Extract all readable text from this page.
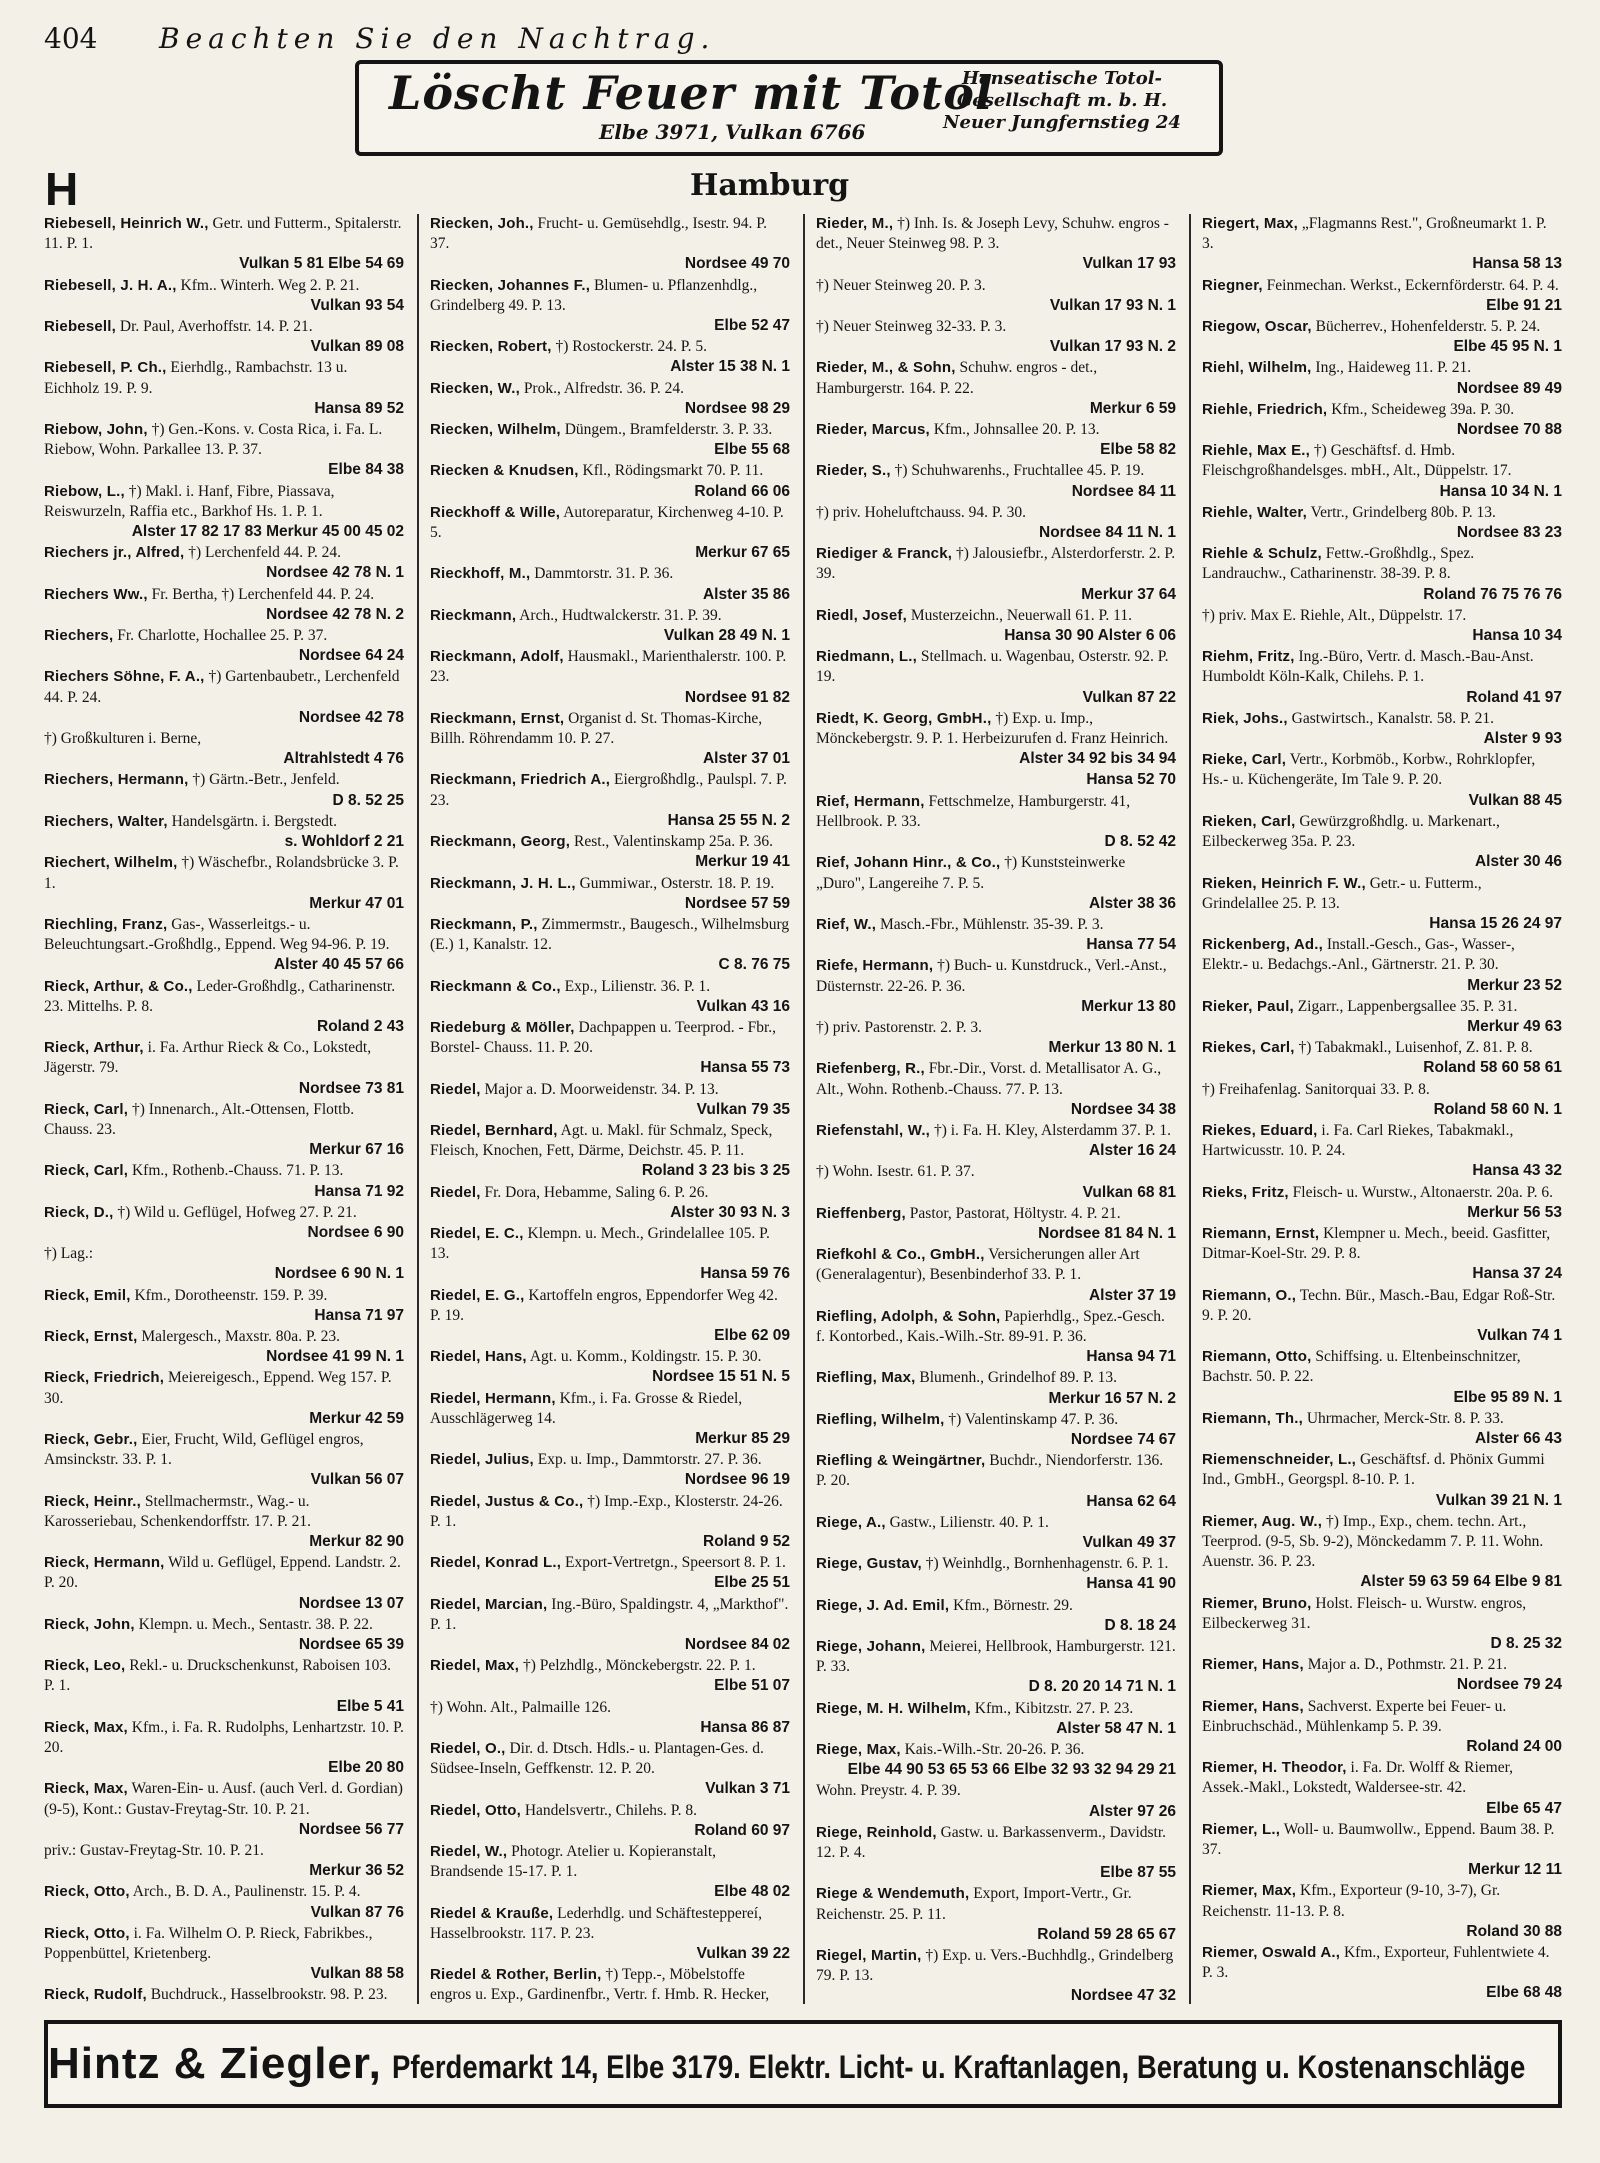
404 Beachten Sie den Nachtrag.
Löscht Feuer mit Totol
Elbe 3971, Vulkan 6766
Hanseatische Totol-
Gesellschaft m. b. H.
Neuer Jungfernstieg 24
H	Hamburg
Riebesell, Heinrich W., Getr. und Futterm., Spitalerstr. 11. P. 1.
Vulkan 5 81 Elbe 54 69
Riebesell, J. H. A., Kfm.. Winterh. Weg 2. P. 21.
Vulkan 93 54
Riebesell, Dr. Paul, Averhoffstr. 14. P. 21.
Vulkan 89 08
Riebesell, P. Ch., Eierhdlg., Rambachstr. 13 u. Eichholz 19. P. 9.
Hansa 89 52
Riebow, John, †) Gen.-Kons. v. Costa Rica, i. Fa. L. Riebow, Wohn. Parkallee 13. P. 37.
Elbe 84 38
Riebow, L., †) Makl. i. Hanf, Fibre, Piassava, Reiswurzeln, Raffia etc., Barkhof Hs. 1. P. 1.
Alster 17 82 17 83 Merkur 45 00 45 02
Riechers jr., Alfred, †) Lerchenfeld 44. P. 24.
Nordsee 42 78 N. 1
Riechers Ww., Fr. Bertha, †) Lerchenfeld 44. P. 24.
Nordsee 42 78 N. 2
Riechers, Fr. Charlotte, Hochallee 25. P. 37.
Nordsee 64 24
Riechers Söhne, F. A., †) Gartenbaubetr., Lerchenfeld 44. P. 24.
Nordsee 42 78
†) Großkulturen i. Berne,
Altrahlstedt 4 76
Riechers, Hermann, †) Gärtn.-Betr., Jenfeld.
D 8. 52 25
Riechers, Walter, Handelsgärtn. i. Bergstedt.
s. Wohldorf 2 21
Riechert, Wilhelm, †) Wäschefbr., Rolandsbrücke 3. P. 1.
Merkur 47 01
Riechling, Franz, Gas-, Wasserleitgs.- u. Beleuchtungsart.-Großhdlg., Eppend. Weg 94-96. P. 19.
Alster 40 45 57 66
Rieck, Arthur, & Co., Leder-Großhdlg., Catharinenstr. 23. Mittelhs. P. 8.
Roland 2 43
Rieck, Arthur, i. Fa. Arthur Rieck & Co., Lokstedt, Jägerstr. 79.
Nordsee 73 81
Rieck, Carl, †) Innenarch., Alt.-Ottensen, Flottb. Chauss. 23.
Merkur 67 16
Rieck, Carl, Kfm., Rothenb.-Chauss. 71. P. 13.
Hansa 71 92
Rieck, D., †) Wild u. Geflügel, Hofweg 27. P. 21.
Nordsee 6 90
†) Lag.:
Nordsee 6 90 N. 1
Rieck, Emil, Kfm., Dorotheenstr. 159. P. 39.
Hansa 71 97
Rieck, Ernst, Malergesch., Maxstr. 80a. P. 23.
Nordsee 41 99 N. 1
Rieck, Friedrich, Meiereigesch., Eppend. Weg 157. P. 30.
Merkur 42 59
Rieck, Gebr., Eier, Frucht, Wild, Geflügel engros, Amsinckstr. 33. P. 1.
Vulkan 56 07
Rieck, Heinr., Stellmachermstr., Wag.- u. Karosseriebau, Schenkendorffstr. 17. P. 21.
Merkur 82 90
Rieck, Hermann, Wild u. Geflügel, Eppend. Landstr. 2. P. 20.
Nordsee 13 07
Rieck, John, Klempn. u. Mech., Sentastr. 38. P. 22.
Nordsee 65 39
Rieck, Leo, Rekl.- u. Druckschenkunst, Raboisen 103. P. 1.
Elbe 5 41
Rieck, Max, Kfm., i. Fa. R. Rudolphs, Lenhartzstr. 10. P. 20.
Elbe 20 80
Rieck, Max, Waren-Ein- u. Ausf. (auch Verl. d. Gordian) (9-5), Kont.: Gustav-Freytag-Str. 10. P. 21.
Nordsee 56 77
priv.: Gustav-Freytag-Str. 10. P. 21.
Merkur 36 52
Rieck, Otto, Arch., B. D. A., Paulinenstr. 15. P. 4.
Vulkan 87 76
Rieck, Otto, i. Fa. Wilhelm O. P. Rieck, Fabrikbes., Poppenbüttel, Krietenberg.
Vulkan 88 58
Rieck, Rudolf, Buchdruck., Hasselbrookstr. 98. P. 23.
Riecken, Joh., Frucht- u. Gemüsehdlg., Isestr. 94. P. 37.
Nordsee 49 70
Riecken, Johannes F., Blumen- u. Pflanzenhdlg., Grindelberg 49. P. 13.
Elbe 52 47
Riecken, Robert, †) Rostockerstr. 24. P. 5.
Alster 15 38 N. 1
Riecken, W., Prok., Alfredstr. 36. P. 24.
Nordsee 98 29
Riecken, Wilhelm, Düngem., Bramfelderstr. 3. P. 33.
Elbe 55 68
Riecken & Knudsen, Kfl., Rödingsmarkt 70. P. 11.
Roland 66 06
Rieckhoff & Wille, Autoreparatur, Kirchenweg 4-10. P. 5.
Merkur 67 65
Rieckhoff, M., Dammtorstr. 31. P. 36.
Alster 35 86
Rieckmann, Arch., Hudtwalckerstr. 31. P. 39.
Vulkan 28 49 N. 1
Rieckmann, Adolf, Hausmakl., Marienthalerstr. 100. P. 23.
Nordsee 91 82
Rieckmann, Ernst, Organist d. St. Thomas-Kirche, Billh. Röhrendamm 10. P. 27.
Alster 37 01
Rieckmann, Friedrich A., Eiergroßhdlg., Paulspl. 7. P. 23.
Hansa 25 55 N. 2
Rieckmann, Georg, Rest., Valentinskamp 25a. P. 36.
Merkur 19 41
Rieckmann, J. H. L., Gummiwar., Osterstr. 18. P. 19.
Nordsee 57 59
Rieckmann, P., Zimmermstr., Baugesch., Wilhelmsburg (E.) 1, Kanalstr. 12.
C 8. 76 75
Rieckmann & Co., Exp., Lilienstr. 36. P. 1.
Vulkan 43 16
Riedeburg & Möller, Dachpappen u. Teerprod. - Fbr., Borstel- Chauss. 11. P. 20.
Hansa 55 73
Riedel, Major a. D. Moorweidenstr. 34. P. 13.
Vulkan 79 35
Riedel, Bernhard, Agt. u. Makl. für Schmalz, Speck, Fleisch, Knochen, Fett, Därme, Deichstr. 45. P. 11.
Roland 3 23 bis 3 25
Riedel, Fr. Dora, Hebamme, Saling 6. P. 26.
Alster 30 93 N. 3
Riedel, E. C., Klempn. u. Mech., Grindelallee 105. P. 13.
Hansa 59 76
Riedel, E. G., Kartoffeln engros, Eppendorfer Weg 42. P. 19.
Elbe 62 09
Riedel, Hans, Agt. u. Komm., Koldingstr. 15. P. 30.
Nordsee 15 51 N. 5
Riedel, Hermann, Kfm., i. Fa. Grosse & Riedel, Ausschlägerweg 14.
Merkur 85 29
Riedel, Julius, Exp. u. Imp., Dammtorstr. 27. P. 36.
Nordsee 96 19
Riedel, Justus & Co., †) Imp.-Exp., Klosterstr. 24-26. P. 1.
Roland 9 52
Riedel, Konrad L., Export-Vertretgn., Speersort 8. P. 1.
Elbe 25 51
Riedel, Marcian, Ing.-Büro, Spaldingstr. 4, „Markthof". P. 1.
Nordsee 84 02
Riedel, Max, †) Pelzhdlg., Mönckebergstr. 22. P. 1.
Elbe 51 07
†) Wohn. Alt., Palmaille 126.
Hansa 86 87
Riedel, O., Dir. d. Dtsch. Hdls.- u. Plantagen-Ges. d. Südsee-Inseln, Geffkenstr. 12. P. 20.
Vulkan 3 71
Riedel, Otto, Handelsvertr., Chilehs. P. 8.
Roland 60 97
Riedel, W., Photogr. Atelier u. Kopieranstalt, Brandsende 15-17. P. 1.
Elbe 48 02
Riedel & Krauße, Lederhdlg. und Schäftesteppereí, Hasselbrookstr. 117. P. 23.
Vulkan 39 22
Riedel & Rother, Berlin, †) Tepp.-, Möbelstoffe engros u. Exp., Gardinenfbr., Vertr. f. Hmb. R. Hecker,
Rieder, M., †) Inh. Is. & Joseph Levy, Schuhw. engros - det., Neuer Steinweg 98. P. 3.
Vulkan 17 93
†) Neuer Steinweg 20. P. 3.
Vulkan 17 93 N. 1
†) Neuer Steinweg 32-33. P. 3.
Vulkan 17 93 N. 2
Rieder, M., & Sohn, Schuhw. engros - det., Hamburgerstr. 164. P. 22.
Merkur 6 59
Rieder, Marcus, Kfm., Johnsallee 20. P. 13.
Elbe 58 82
Rieder, S., †) Schuhwarenhs., Fruchtallee 45. P. 19.
Nordsee 84 11
†) priv. Hoheluftchauss. 94. P. 30.
Nordsee 84 11 N. 1
Riediger & Franck, †) Jalousiefbr., Alsterdorferstr. 2. P. 39.
Merkur 37 64
Riedl, Josef, Musterzeichn., Neuerwall 61. P. 11.
Hansa 30 90 Alster 6 06
Riedmann, L., Stellmach. u. Wagenbau, Osterstr. 92. P. 19.
Vulkan 87 22
Riedt, K. Georg, GmbH., †) Exp. u. Imp., Mönckebergstr. 9. P. 1. Herbeizurufen d. Franz Heinrich.
Alster 34 92 bis 34 94
Hansa 52 70
Rief, Hermann, Fettschmelze, Hamburgerstr. 41, Hellbrook. P. 33.
D 8. 52 42
Rief, Johann Hinr., & Co., †) Kunststeinwerke „Duro", Langereihe 7. P. 5.
Alster 38 36
Rief, W., Masch.-Fbr., Mühlenstr. 35-39. P. 3.
Hansa 77 54
Riefe, Hermann, †) Buch- u. Kunstdruck., Verl.-Anst., Düsternstr. 22-26. P. 36.
Merkur 13 80
†) priv. Pastorenstr. 2. P. 3.
Merkur 13 80 N. 1
Riefenberg, R., Fbr.-Dir., Vorst. d. Metallisator A. G., Alt., Wohn. Rothenb.-Chauss. 77. P. 13.
Nordsee 34 38
Riefenstahl, W., †) i. Fa. H. Kley, Alsterdamm 37. P. 1.
Alster 16 24
†) Wohn. Isestr. 61. P. 37.
Vulkan 68 81
Rieffenberg, Pastor, Pastorat, Höltystr. 4. P. 21.
Nordsee 81 84 N. 1
Riefkohl & Co., GmbH., Versicherungen aller Art (Generalagentur), Besenbinderhof 33. P. 1.
Alster 37 19
Riefling, Adolph, & Sohn, Papierhdlg., Spez.-Gesch. f. Kontorbed., Kais.-Wilh.-Str. 89-91. P. 36.
Hansa 94 71
Riefling, Max, Blumenh., Grindelhof 89. P. 13.
Merkur 16 57 N. 2
Riefling, Wilhelm, †) Valentinskamp 47. P. 36.
Nordsee 74 67
Riefling & Weingärtner, Buchdr., Niendorferstr. 136. P. 20.
Hansa 62 64
Riege, A., Gastw., Lilienstr. 40. P. 1.
Vulkan 49 37
Riege, Gustav, †) Weinhdlg., Bornhenhagenstr. 6. P. 1.
Hansa 41 90
Riege, J. Ad. Emil, Kfm., Börnestr. 29.
D 8. 18 24
Riege, Johann, Meierei, Hellbrook, Hamburgerstr. 121. P. 33.
D 8. 20 20 14 71 N. 1
Riege, M. H. Wilhelm, Kfm., Kibitzstr. 27. P. 23.
Alster 58 47 N. 1
Riege, Max, Kais.-Wilh.-Str. 20-26. P. 36.
Elbe 44 90 53 65 53 66 Elbe 32 93 32 94 29 21
Wohn. Preystr. 4. P. 39.
Alster 97 26
Riege, Reinhold, Gastw. u. Barkassenverm., Davidstr. 12. P. 4.
Elbe 87 55
Riege & Wendemuth, Export, Import-Vertr., Gr. Reichenstr. 25. P. 11.
Roland 59 28 65 67
Riegel, Martin, †) Exp. u. Vers.-Buchhdlg., Grindelberg 79. P. 13.
Nordsee 47 32
Riegert, Max, „Flagmanns Rest.", Großneumarkt 1. P. 3.
Hansa 58 13
Riegner, Feinmechan. Werkst., Eckernförderstr. 64. P. 4.
Elbe 91 21
Riegow, Oscar, Bücherrev., Hohenfelderstr. 5. P. 24.
Elbe 45 95 N. 1
Riehl, Wilhelm, Ing., Haideweg 11. P. 21.
Nordsee 89 49
Riehle, Friedrich, Kfm., Scheideweg 39a. P. 30.
Nordsee 70 88
Riehle, Max E., †) Geschäftsf. d. Hmb. Fleischgroßhandelsges. mbH., Alt., Düppelstr. 17.
Hansa 10 34 N. 1
Riehle, Walter, Vertr., Grindelberg 80b. P. 13.
Nordsee 83 23
Riehle & Schulz, Fettw.-Großhdlg., Spez. Landrauchw., Catharinenstr. 38-39. P. 8.
Roland 76 75 76 76
†) priv. Max E. Riehle, Alt., Düppelstr. 17.
Hansa 10 34
Riehm, Fritz, Ing.-Büro, Vertr. d. Masch.-Bau-Anst. Humboldt Köln-Kalk, Chilehs. P. 1.
Roland 41 97
Riek, Johs., Gastwirtsch., Kanalstr. 58. P. 21.
Alster 9 93
Rieke, Carl, Vertr., Korbmöb., Korbw., Rohrklopfer, Hs.- u. Küchengeräte, Im Tale 9. P. 20.
Vulkan 88 45
Rieken, Carl, Gewürzgroßhdlg. u. Markenart., Eilbeckerweg 35a. P. 23.
Alster 30 46
Rieken, Heinrich F. W., Getr.- u. Futterm., Grindelallee 25. P. 13.
Hansa 15 26 24 97
Rickenberg, Ad., Install.-Gesch., Gas-, Wasser-, Elektr.- u. Bedachgs.-Anl., Gärtnerstr. 21. P. 30.
Merkur 23 52
Rieker, Paul, Zigarr., Lappenbergsallee 35. P. 31.
Merkur 49 63
Riekes, Carl, †) Tabakmakl., Luisenhof, Z. 81. P. 8.
Roland 58 60 58 61
†) Freihafenlag. Sanitorquai 33. P. 8.
Roland 58 60 N. 1
Riekes, Eduard, i. Fa. Carl Riekes, Tabakmakl., Hartwicusstr. 10. P. 24.
Hansa 43 32
Rieks, Fritz, Fleisch- u. Wurstw., Altonaerstr. 20a. P. 6.
Merkur 56 53
Riemann, Ernst, Klempner u. Mech., beeid. Gasfitter, Ditmar-Koel-Str. 29. P. 8.
Hansa 37 24
Riemann, O., Techn. Bür., Masch.-Bau, Edgar Roß-Str. 9. P. 20.
Vulkan 74 1
Riemann, Otto, Schiffsing. u. Eltenbeinschnitzer, Bachstr. 50. P. 22.
Elbe 95 89 N. 1
Riemann, Th., Uhrmacher, Merck-Str. 8. P. 33.
Alster 66 43
Riemenschneider, L., Geschäftsf. d. Phönix Gummi Ind., GmbH., Georgspl. 8-10. P. 1.
Vulkan 39 21 N. 1
Riemer, Aug. W., †) Imp., Exp., chem. techn. Art., Teerprod. (9-5, Sb. 9-2), Mönckedamm 7. P. 11. Wohn. Auenstr. 36. P. 23.
Alster 59 63 59 64 Elbe 9 81
Riemer, Bruno, Holst. Fleisch- u. Wurstw. engros, Eilbeckerweg 31.
D 8. 25 32
Riemer, Hans, Major a. D., Pothmstr. 21. P. 21.
Nordsee 79 24
Riemer, Hans, Sachverst. Experte bei Feuer- u. Einbruchschäd., Mühlenkamp 5. P. 39.
Roland 24 00
Riemer, H. Theodor, i. Fa. Dr. Wolff & Riemer, Assek.-Makl., Lokstedt, Waldersee-str. 42.
Elbe 65 47
Riemer, L., Woll- u. Baumwollw., Eppend. Baum 38. P. 37.
Merkur 12 11
Riemer, Max, Kfm., Exporteur (9-10, 3-7), Gr. Reichenstr. 11-13. P. 8.
Roland 30 88
Riemer, Oswald A., Kfm., Exporteur, Fuhlentwiete 4. P. 3.
Elbe 68 48
Hintz & Ziegler, Pferdemarkt 14, Elbe 3179. Elektr. Licht- u. Kraftanlagen, Beratung u. Kostenanschläge
